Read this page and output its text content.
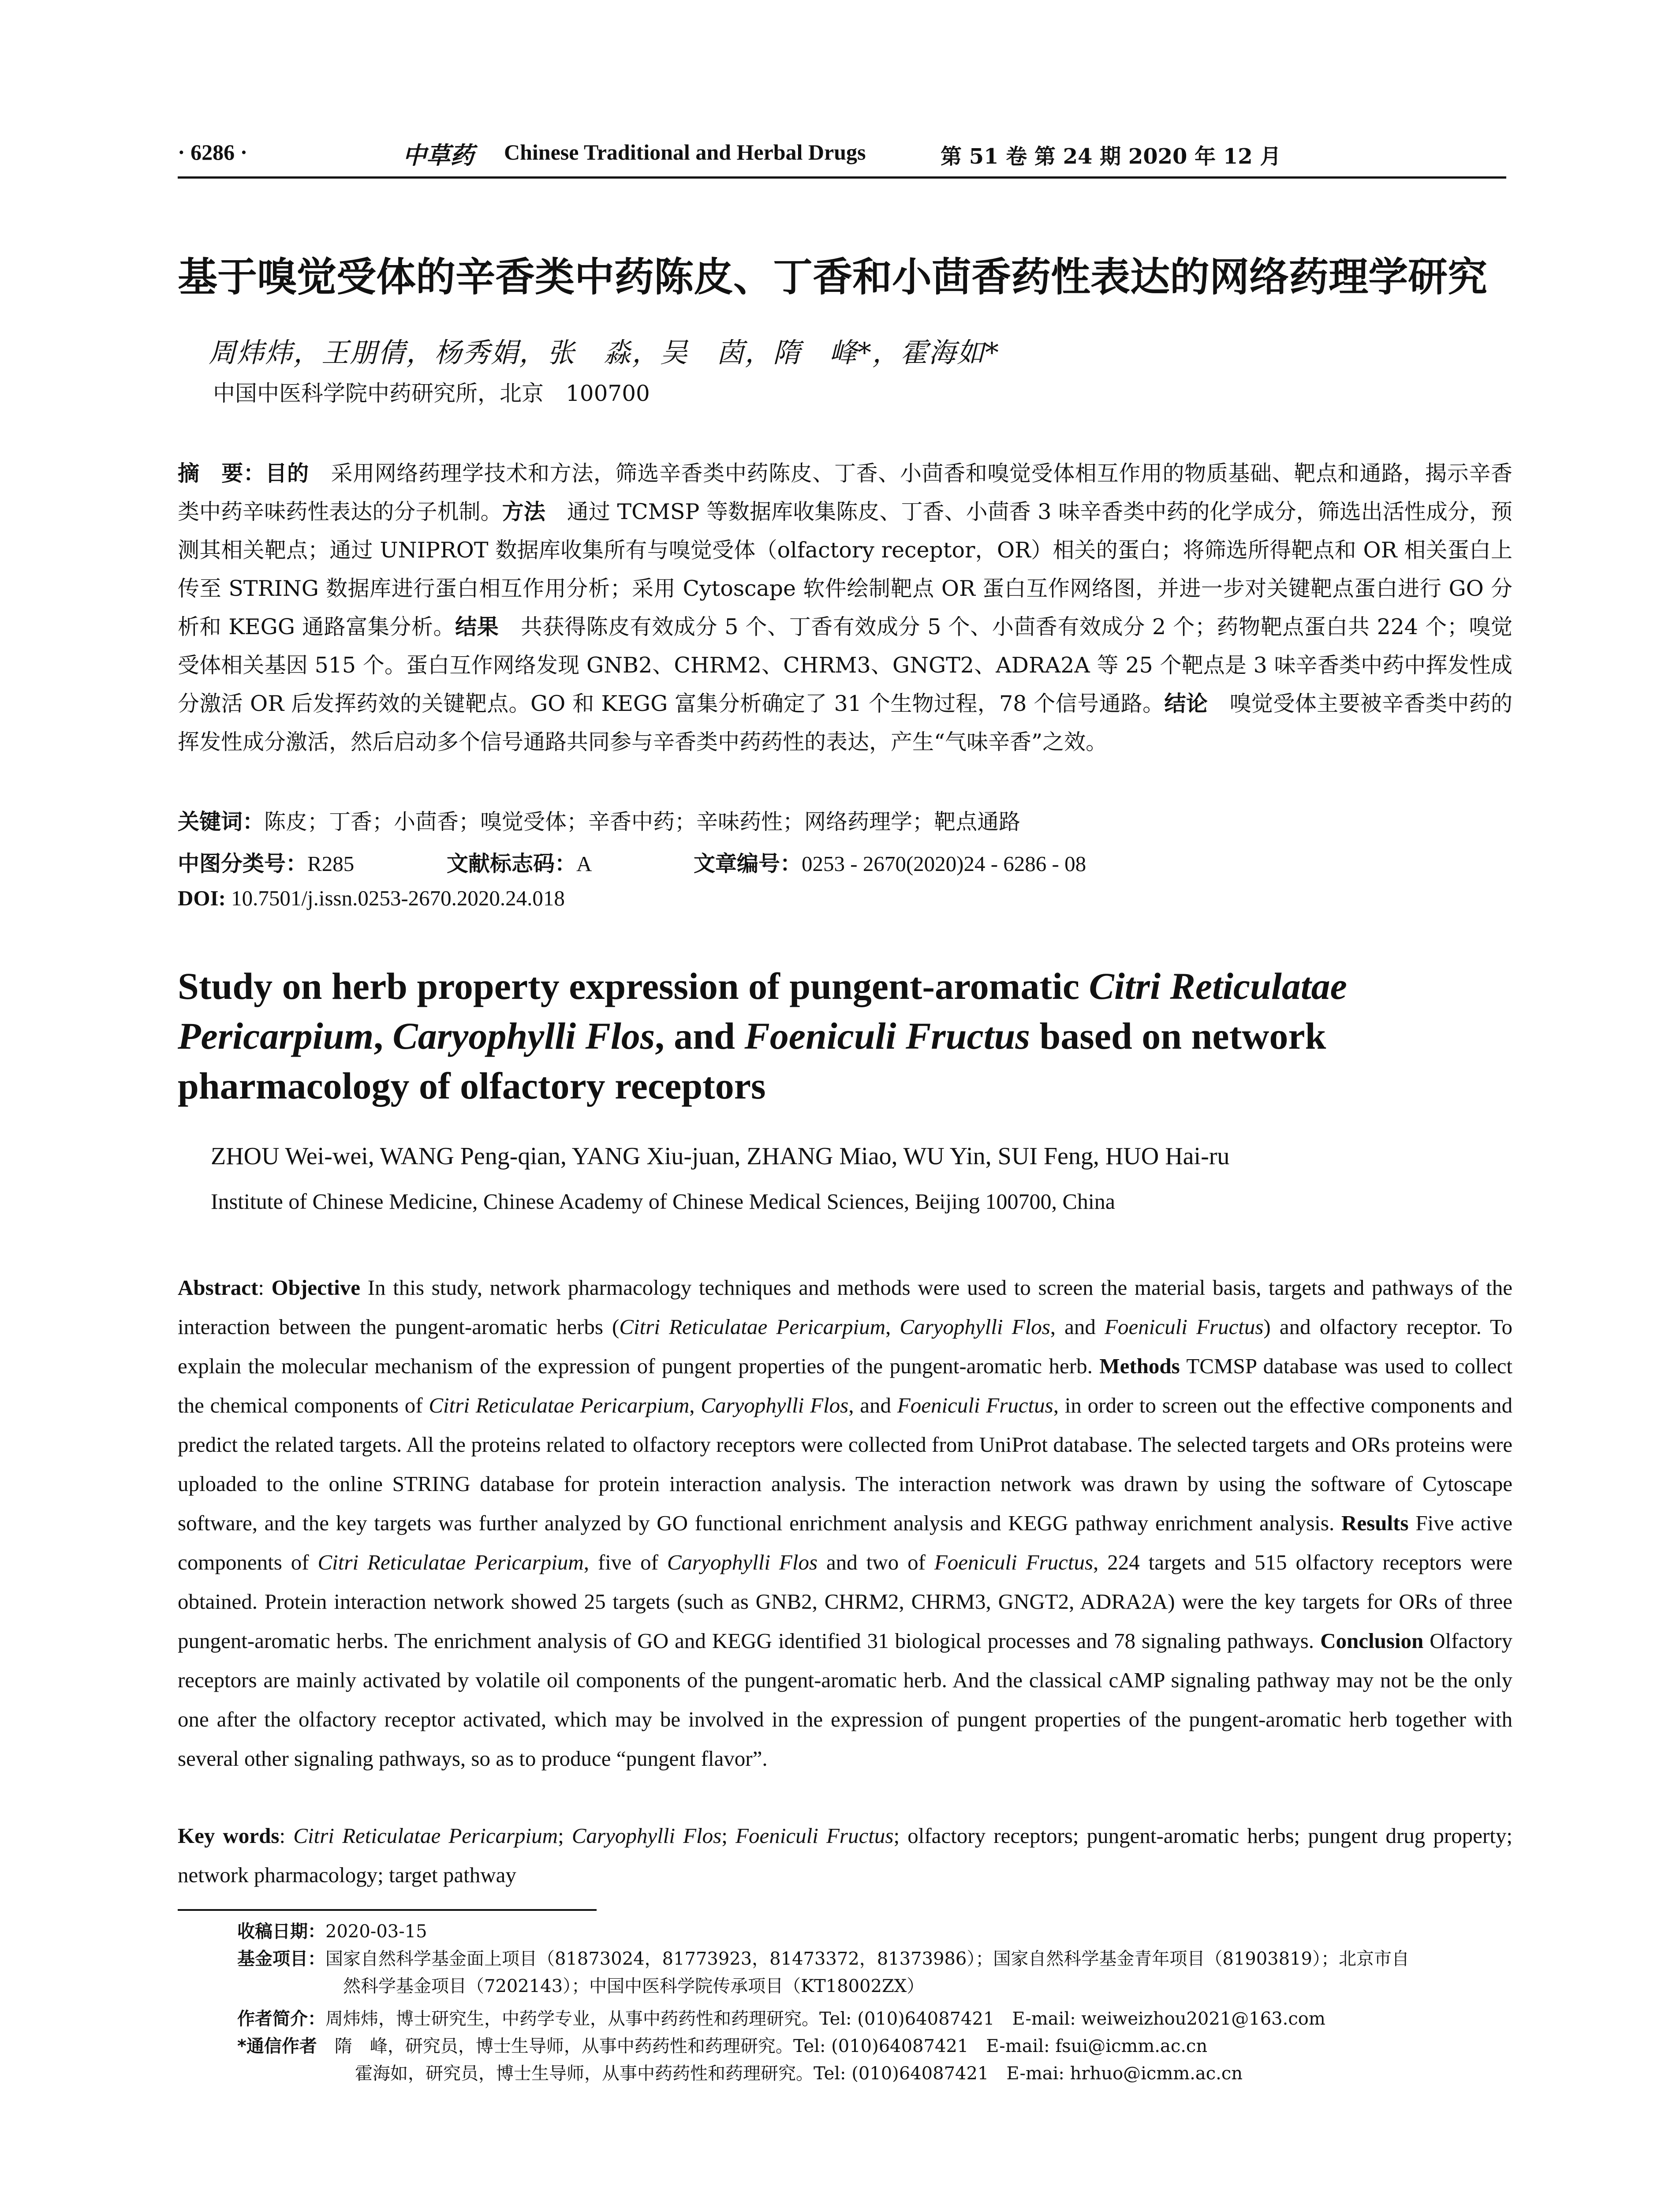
· 6286 ·	中草药 Chinese Traditional and Herbal Drugs	第 51 卷 第 24 期 2020 年 12 月
基于嗅觉受体的辛香类中药陈皮、丁香和小茴香药性表达的网络药理学研究
周炜炜，王朋倩，杨秀娟，张　淼，吴　茵，隋　峰*，霍海如*
中国中医科学院中药研究所，北京　100700
摘　要：目的　 采用网络药理学技术和方法，筛选辛香类中药陈皮、丁香、小茴香和嗅觉受体相互作用的物质基础、靶点和通路，揭示辛香类中药辛味药性表达的分子机制。方法　 通过 TCMSP 等数据库收集陈皮、丁香、小茴香 3 味辛香类中药的化学成分，筛选出活性成分，预测其相关靶点；通过 UNIPROT 数据库收集所有与嗅觉受体（olfactory receptor，OR）相关的蛋白；将筛选所得靶点和 OR 相关蛋白上传至 STRING 数据库进行蛋白相互作用分析；采用 Cytoscape 软件绘制靶点 OR 蛋白互作网络图，并进一步对关键靶点蛋白进行 GO 分析和 KEGG 通路富集分析。结果　 共获得陈皮有效成分 5 个、丁香有效成分 5 个、小茴香有效成分 2 个；药物靶点蛋白共 224 个；嗅觉受体相关基因 515 个。蛋白互作网络发现 GNB2、CHRM2、CHRM3、GNGT2、ADRA2A 等 25 个靶点是 3 味辛香类中药中挥发性成分激活 OR 后发挥药效的关键靶点。GO 和 KEGG 富集分析确定了 31 个生物过程，78 个信号通路。结论　 嗅觉受体主要被辛香类中药的挥发性成分激活，然后启动多个信号通路共同参与辛香类中药药性的表达，产生“气味辛香”之效。
关键词：陈皮；丁香；小茴香；嗅觉受体；辛香中药；辛味药性；网络药理学；靶点通路
中图分类号：R285	文献标志码：A	文章编号：0253 - 2670(2020)24 - 6286 - 08
DOI: 10.7501/j.issn.0253-2670.2020.24.018
Study on herb property expression of pungent-aromatic Citri Reticulatae Pericarpium, Caryophylli Flos, and Foeniculi Fructus based on network pharmacology of olfactory receptors
ZHOU Wei-wei, WANG Peng-qian, YANG Xiu-juan, ZHANG Miao, WU Yin, SUI Feng, HUO Hai-ru
Institute of Chinese Medicine, Chinese Academy of Chinese Medical Sciences, Beijing 100700, China
Abstract: Objective In this study, network pharmacology techniques and methods were used to screen the material basis, targets and pathways of the interaction between the pungent-aromatic herbs (Citri Reticulatae Pericarpium, Caryophylli Flos, and Foeniculi Fructus) and olfactory receptor. To explain the molecular mechanism of the expression of pungent properties of the pungent-aromatic herb. Methods TCMSP database was used to collect the chemical components of Citri Reticulatae Pericarpium, Caryophylli Flos, and Foeniculi Fructus, in order to screen out the effective components and predict the related targets. All the proteins related to olfactory receptors were collected from UniProt database. The selected targets and ORs proteins were uploaded to the online STRING database for protein interaction analysis. The interaction network was drawn by using the software of Cytoscape software, and the key targets was further analyzed by GO functional enrichment analysis and KEGG pathway enrichment analysis. Results Five active components of Citri Reticulatae Pericarpium, five of Caryophylli Flos and two of Foeniculi Fructus, 224 targets and 515 olfactory receptors were obtained. Protein interaction network showed 25 targets (such as GNB2, CHRM2, CHRM3, GNGT2, ADRA2A) were the key targets for ORs of three pungent-aromatic herbs. The enrichment analysis of GO and KEGG identified 31 biological processes and 78 signaling pathways. Conclusion Olfactory receptors are mainly activated by volatile oil components of the pungent-aromatic herb. And the classical cAMP signaling pathway may not be the only one after the olfactory receptor activated, which may be involved in the expression of pungent properties of the pungent-aromatic herb together with several other signaling pathways, so as to produce “pungent flavor”.
Key words: Citri Reticulatae Pericarpium; Caryophylli Flos; Foeniculi Fructus; olfactory receptors; pungent-aromatic herbs; pungent drug property; network pharmacology; target pathway
收稿日期：2020-03-15
基金项目：国家自然科学基金面上项目（81873024，81773923，81473372，81373986）；国家自然科学基金青年项目（81903819）；北京市自
然科学基金项目（7202143）；中国中医科学院传承项目（KT18002ZX）
作者简介：周炜炜，博士研究生，中药学专业，从事中药药性和药理研究。Tel: (010)64087421　E-mail: weiweizhou2021@163.com
*通信作者　 隋　峰，研究员，博士生导师，从事中药药性和药理研究。Tel: (010)64087421　E-mail: fsui@icmm.ac.cn
霍海如，研究员，博士生导师，从事中药药性和药理研究。Tel: (010)64087421　E-mai: hrhuo@icmm.ac.cn
